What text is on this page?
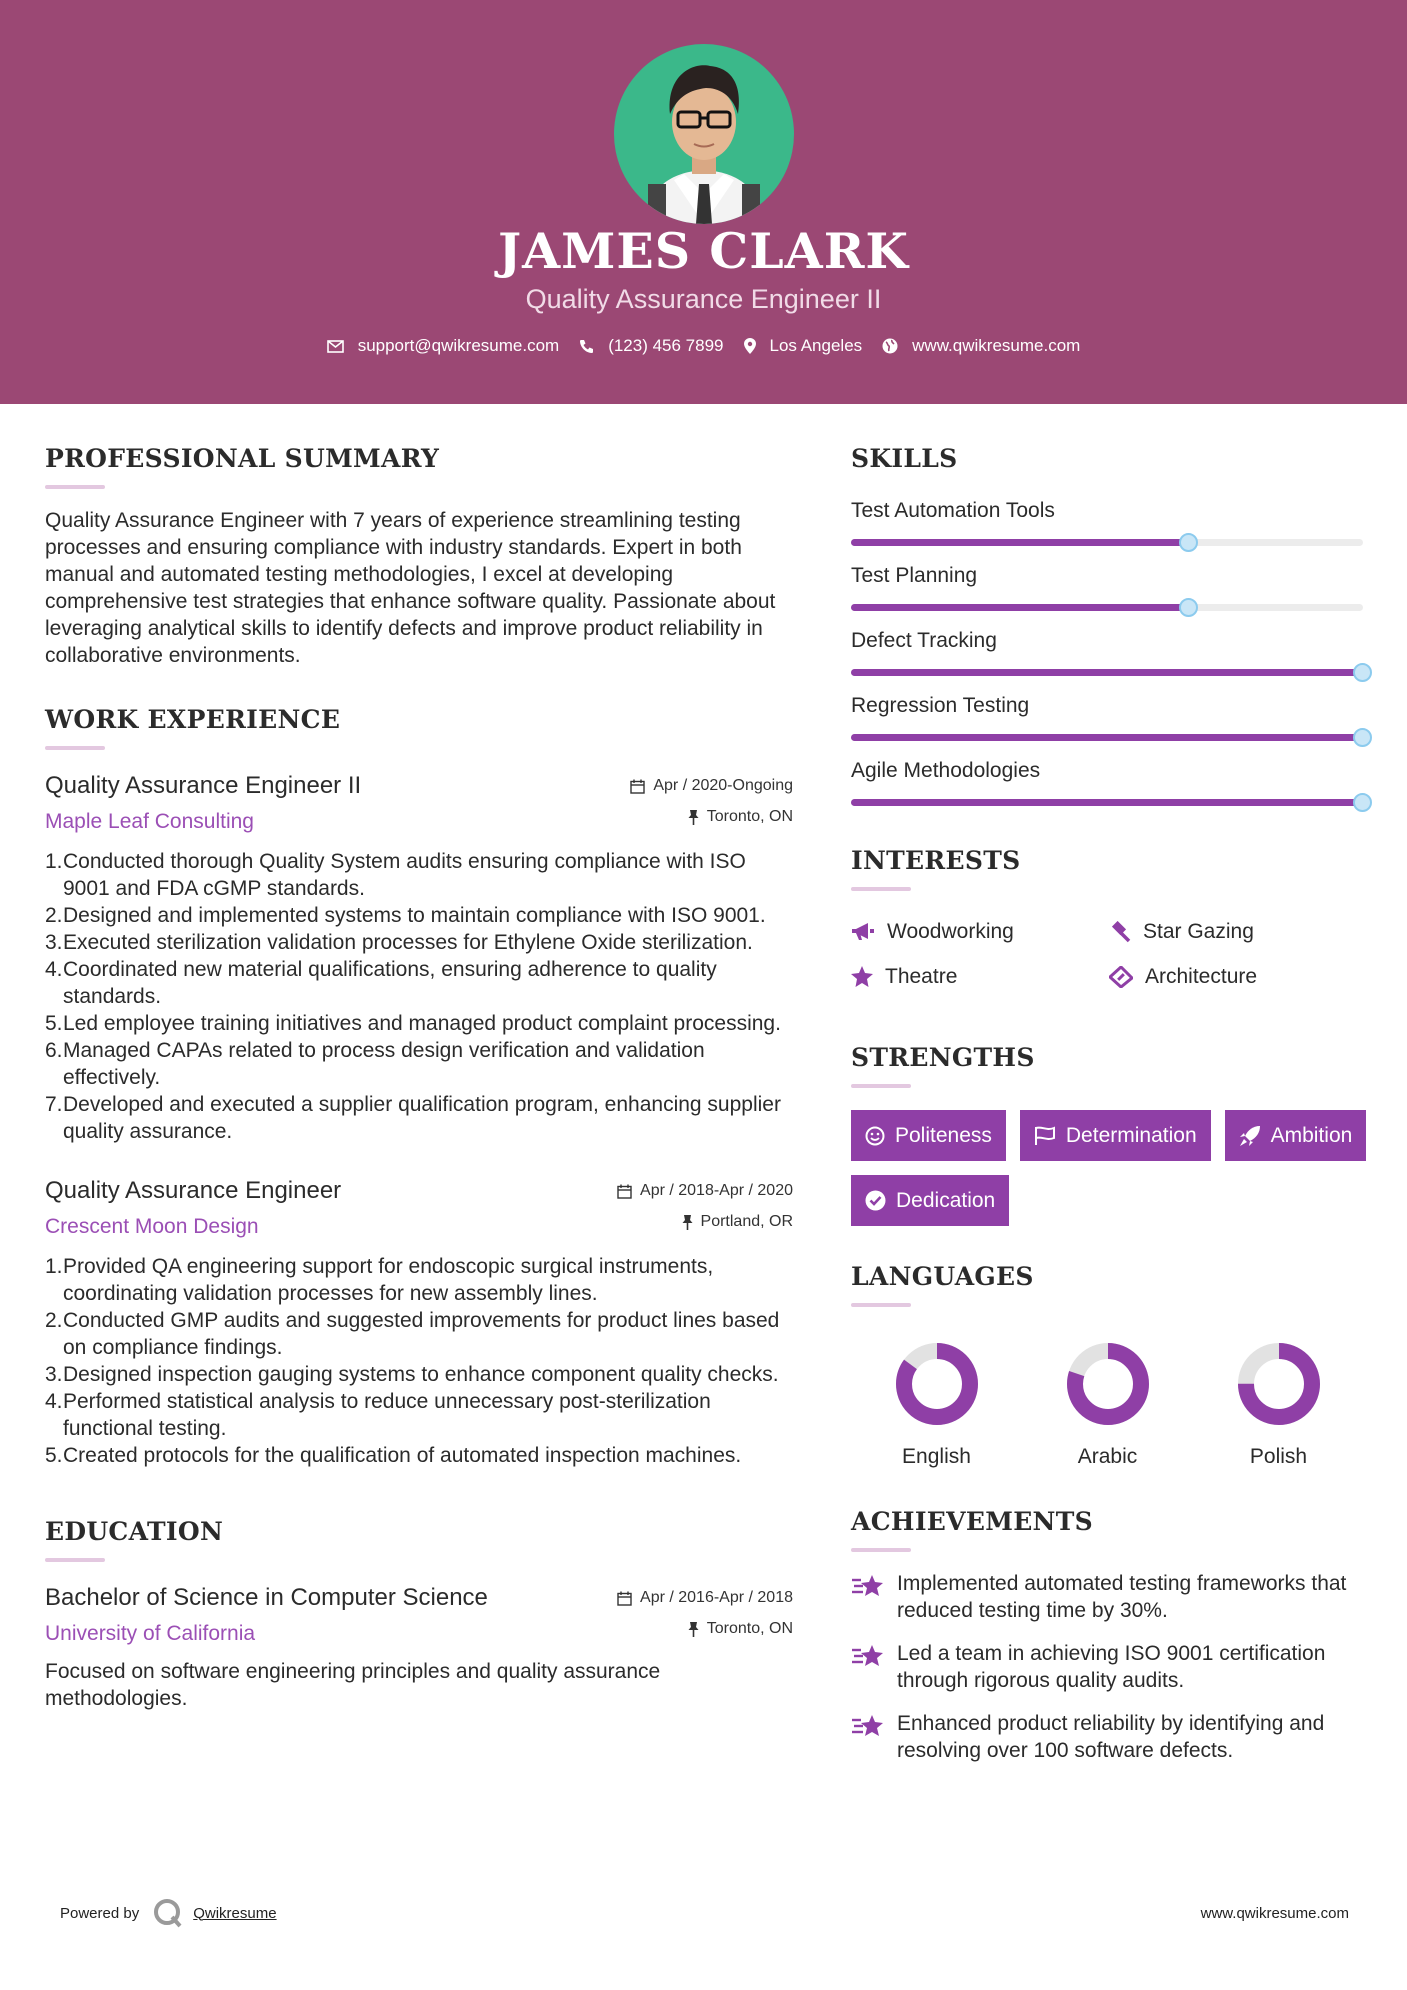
JAMES CLARK
Quality Assurance Engineer II
support@qwikresume.com	(123) 456 7899	Los Angeles	www.qwikresume.com
PROFESSIONAL SUMMARY
Quality Assurance Engineer with 7 years of experience streamlining testing processes and ensuring compliance with industry standards. Expert in both manual and automated testing methodologies, I excel at developing comprehensive test strategies that enhance software quality. Passionate about leveraging analytical skills to identify defects and improve product reliability in collaborative environments.
WORK EXPERIENCE
Quality Assurance Engineer II
Maple Leaf Consulting
Apr / 2020-Ongoing
Toronto, ON
1. Conducted thorough Quality System audits ensuring compliance with ISO 9001 and FDA cGMP standards.
2. Designed and implemented systems to maintain compliance with ISO 9001.
3. Executed sterilization validation processes for Ethylene Oxide sterilization.
4. Coordinated new material qualifications, ensuring adherence to quality standards.
5. Led employee training initiatives and managed product complaint processing.
6. Managed CAPAs related to process design verification and validation effectively.
7. Developed and executed a supplier qualification program, enhancing supplier quality assurance.
Quality Assurance Engineer
Crescent Moon Design
Apr / 2018-Apr / 2020
Portland, OR
1. Provided QA engineering support for endoscopic surgical instruments, coordinating validation processes for new assembly lines.
2. Conducted GMP audits and suggested improvements for product lines based on compliance findings.
3. Designed inspection gauging systems to enhance component quality checks.
4. Performed statistical analysis to reduce unnecessary post-sterilization functional testing.
5. Created protocols for the qualification of automated inspection machines.
EDUCATION
Bachelor of Science in Computer Science
University of California
Apr / 2016-Apr / 2018
Toronto, ON
Focused on software engineering principles and quality assurance methodologies.
SKILLS
Test Automation Tools
Test Planning
Defect Tracking
Regression Testing
Agile Methodologies
INTERESTS
Woodworking	Star Gazing
Theatre	Architecture
STRENGTHS
Politeness	Determination	Ambition
Dedication
LANGUAGES
English	Arabic	Polish
ACHIEVEMENTS
Implemented automated testing frameworks that reduced testing time by 30%.
Led a team in achieving ISO 9001 certification through rigorous quality audits.
Enhanced product reliability by identifying and resolving over 100 software defects.
Powered by	Qwikresume	www.qwikresume.com
